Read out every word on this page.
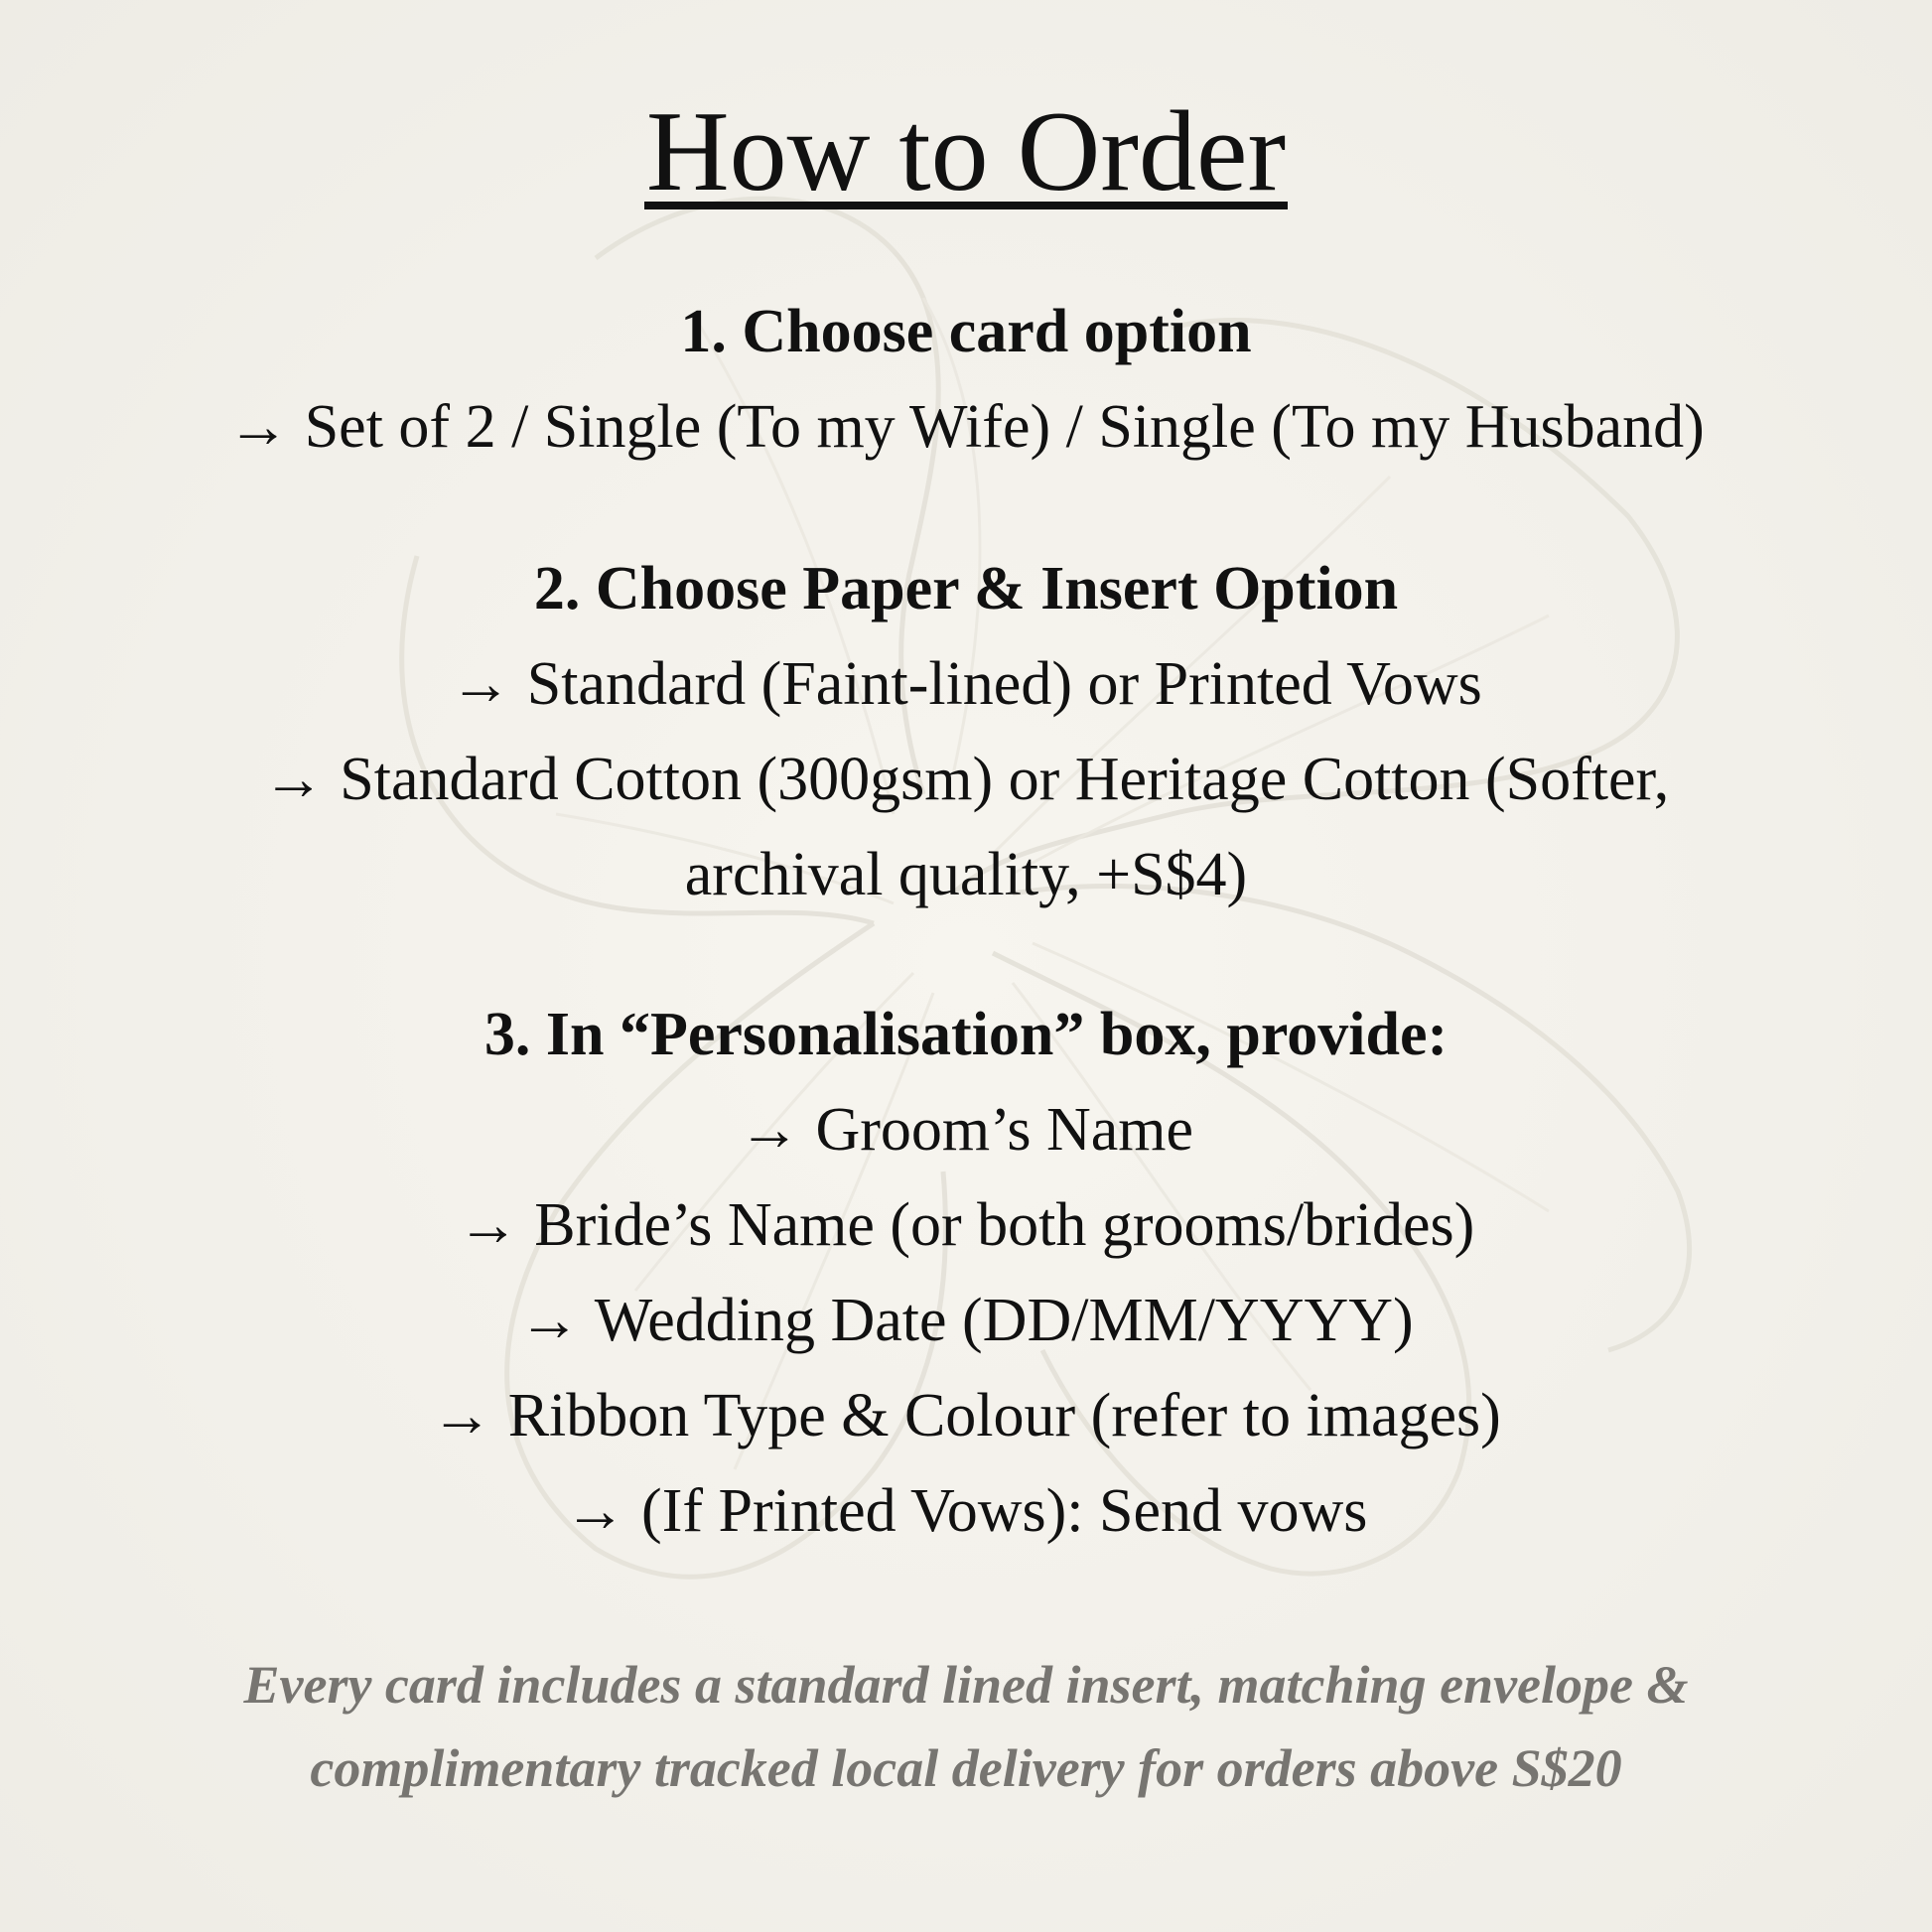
How to Order

1. Choose card option

→ Set of 2 / Single (To my Wife) / Single (To my Husband)

2. Choose Paper & Insert Option

→ Standard (Faint-lined) or Printed Vows

→ Standard Cotton (300gsm) or Heritage Cotton (Softer,

archival quality, +S$4)

3. In “Personalisation” box, provide:

→ Groom’s Name

→ Bride’s Name (or both grooms/brides)

→ Wedding Date (DD/MM/YYYY)

→ Ribbon Type & Colour (refer to images)

→ (If Printed Vows): Send vows

Every card includes a standard lined insert, matching envelope &

complimentary tracked local delivery for orders above S$20
